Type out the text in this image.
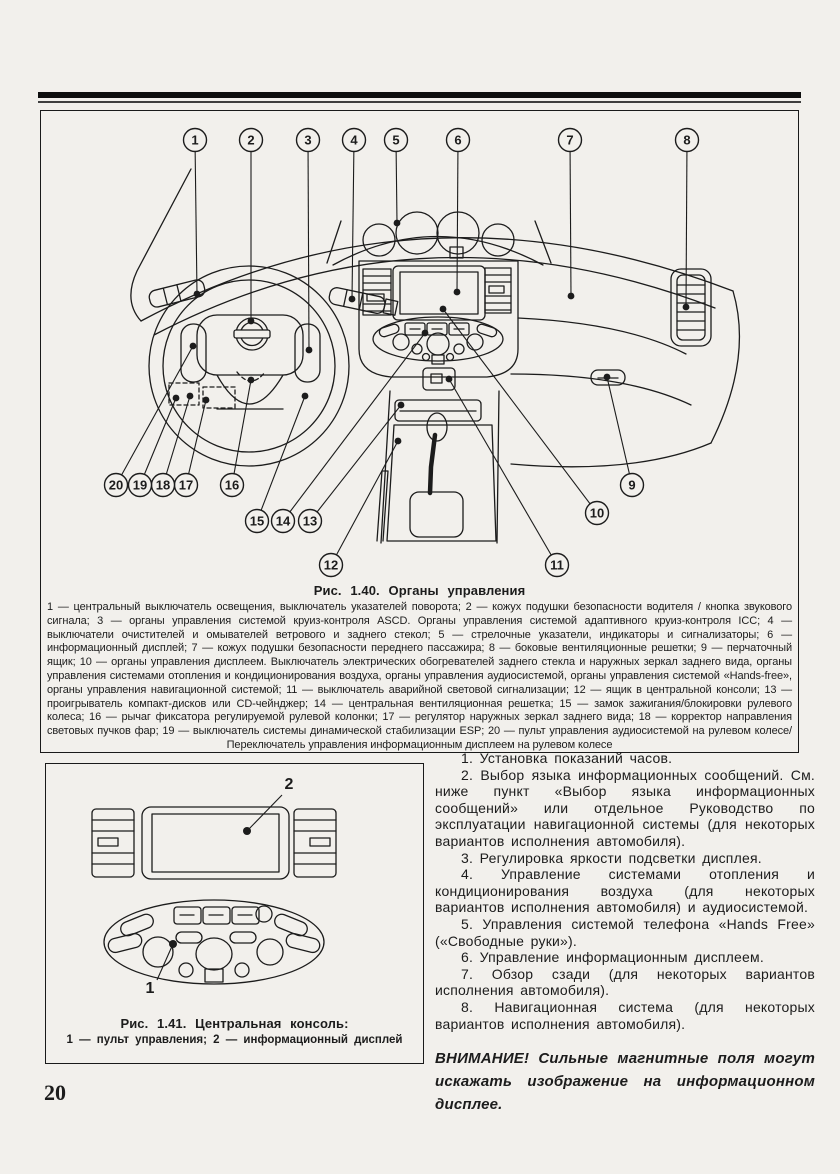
1	2	3	4	5	6	7	8
9
10
11
12
13
14
15
16
17
18
19
20
Рис. 1.40. Органы управления
1 — центральный выключатель освещения, выключатель указателей поворота; 2 — кожух подушки безопасности водителя / кнопка звукового сигнала; 3 — органы управления системой круиз-контроля ASCD. Органы управления системой адаптивного круиз-контроля ICC; 4 — выключатели очистителей и омывателей ветрового и заднего стекол; 5 — стрелочные указатели, индикаторы и сигнализаторы; 6 — информационный дисплей; 7 — кожух подушки безопасности переднего пассажира; 8 — боковые вентиляционные решетки; 9 — перчаточный ящик; 10 — органы управления дисплеем. Выключатель электрических обогревателей заднего стекла и наружных зеркал заднего вида, органы управления системами отопления и кондиционирования воздуха, органы управления аудиосистемой, органы управления системой «Hands-free», органы управления навигационной системой; 11 — выключатель аварийной световой сигнализации; 12 — ящик в центральной консоли; 13 — проигрыватель компакт-дисков или CD-чейнджер; 14 — центральная вентиляционная решетка; 15 — замок зажигания/блокировки рулевого колеса; 16 — рычаг фиксатора регулируемой рулевой колонки; 17 — регулятор наружных зеркал заднего вида; 18 — корректор направления световых пучков фар; 19 — выключатель системы динамической стабилизации ESP; 20 — пульт управления аудиосистемой на рулевом колесе/ Переключатель управления информационным дисплеем на рулевом колесе
2
1
Рис. 1.41. Центральная консоль:
1 — пульт управления; 2 — информационный дисплей

1. Установка показаний часов.

2. Выбор языка информационных сообщений. См. ниже пункт «Выбор языка информационных сообщений» или отдельное Руководство по эксплуатации навигационной системы (для некоторых вариантов исполнения автомобиля).

3. Регулировка яркости подсветки дисплея.

4. Управление системами отопления и кондиционирования воздуха (для некоторых вариантов исполнения автомобиля) и аудиосистемой.

5. Управления системой телефона «Hands Free» («Свободные руки»).

6. Управление информационным дисплеем.

7. Обзор сзади (для некоторых вариантов исполнения автомобиля).

8. Навигационная система (для некоторых вариантов исполнения автомобиля).

ВНИМАНИЕ! Сильные магнитные поля могут искажать изображение на информационном дисплее.

20
